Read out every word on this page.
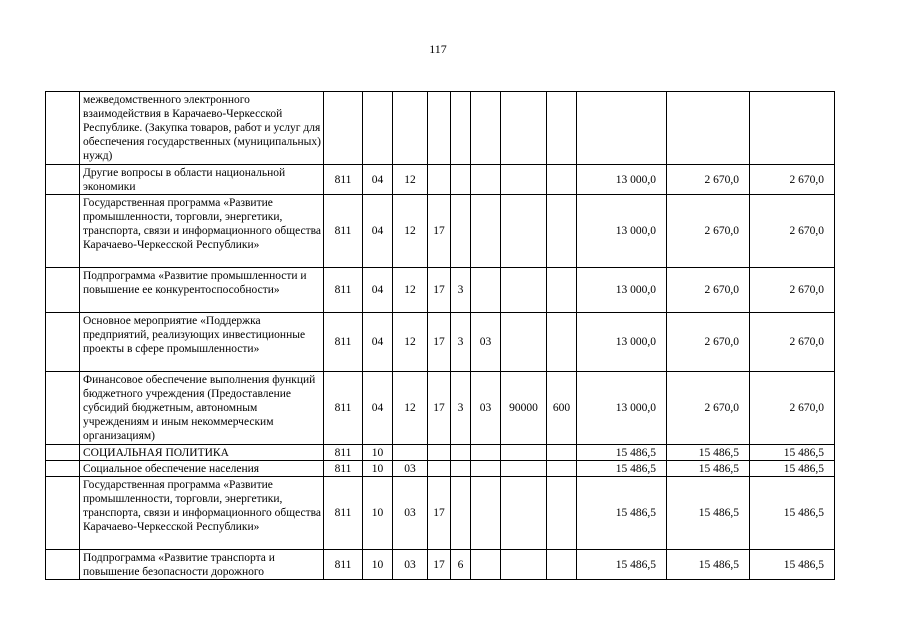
117
	межведомственного электронного взаимодействия в Карачаево-Черкесской Республике. (Закупка товаров, работ и услуг для обеспечения государственных (муниципальных) нужд)											
	Другие вопросы в области национальной экономики	811	04	12						13 000,0	2 670,0	2 670,0
	Государственная программа «Развитие промышленности, торговли, энергетики, транспорта, связи и информационного общества Карачаево-Черкесской Республики»	811	04	12	17					13 000,0	2 670,0	2 670,0
	Подпрограмма «Развитие промышленности и повышение ее конкурентоспособности»	811	04	12	17	3				13 000,0	2 670,0	2 670,0
	Основное мероприятие «Поддержка предприятий, реализующих инвестиционные проекты в сфере промышленности»	811	04	12	17	3	03			13 000,0	2 670,0	2 670,0
	Финансовое обеспечение выполнения функций бюджетного учреждения (Предоставление субсидий бюджетным, автономным учреждениям и иным некоммерческим организациям)	811	04	12	17	3	03	90000	600	13 000,0	2 670,0	2 670,0
	СОЦИАЛЬНАЯ ПОЛИТИКА	811	10							15 486,5	15 486,5	15 486,5
	Социальное обеспечение населения	811	10	03						15 486,5	15 486,5	15 486,5
	Государственная программа «Развитие промышленности, торговли, энергетики, транспорта, связи и информационного общества Карачаево-Черкесской Республики»	811	10	03	17					15 486,5	15 486,5	15 486,5
	Подпрограмма «Развитие транспорта и повышение безопасности дорожного	811	10	03	17	6				15 486,5	15 486,5	15 486,5
